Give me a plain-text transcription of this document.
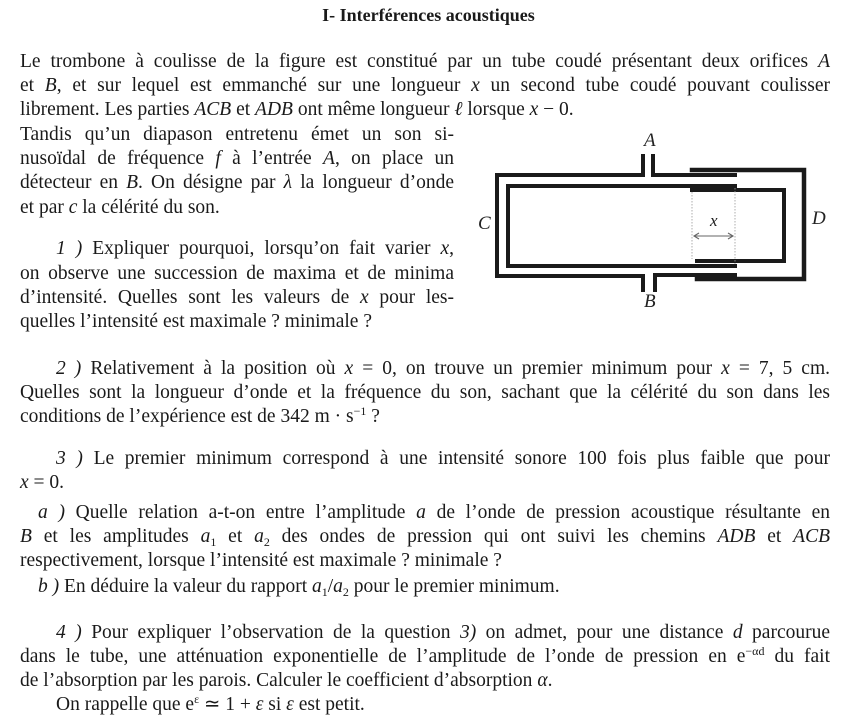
I- Interférences acoustiques
Le trombone à coulisse de la figure est constitué par un tube coudé présentant deux orifices A
et B, et sur lequel est emmanché sur une longueur x un second tube coudé pouvant coulisser
librement. Les parties ACB et ADB ont même longueur ℓ lorsque x − 0.
Tandis qu’un diapason entretenu émet un son si-
nusoïdal de fréquence f à l’entrée A, on place un
détecteur en B. On désigne par λ la longueur d’onde
et par c la célérité du son.
1 ) Expliquer pourquoi, lorsqu’on fait varier x,
on observe une succession de maxima et de minima
d’intensité. Quelles sont les valeurs de x pour les-
quelles l’intensité est maximale ? minimale ?
2 ) Relativement à la position où x = 0, on trouve un premier minimum pour x = 7, 5 cm.
Quelles sont la longueur d’onde et la fréquence du son, sachant que la célérité du son dans les
conditions de l’expérience est de 342 $m \cdot s^{-1}$ ?
3 ) Le premier minimum correspond à une intensité sonore 100 fois plus faible que pour
x = 0.
a ) Quelle relation a-t-on entre l’amplitude a de l’onde de pression acoustique résultante en
B et les amplitudes $a_1$ et $a_2$ des ondes de pression qui ont suivi les chemins ADB et ACB
respectivement, lorsque l’intensité est maximale ? minimale ?
b ) En déduire la valeur du rapport $a_1/a_2$ pour le premier minimum.
4 ) Pour expliquer l’observation de la question 3) on admet, pour une distance d parcourue
dans le tube, une atténuation exponentielle de l’amplitude de l’onde de pression en $e^{-\alpha d}$ du fait
de l’absorption par les parois. Calculer le coefficient d’absorption α.
On rappelle que $e^\varepsilon$ ≃ 1 + ε si ε est petit.
A
B
C	D
x
